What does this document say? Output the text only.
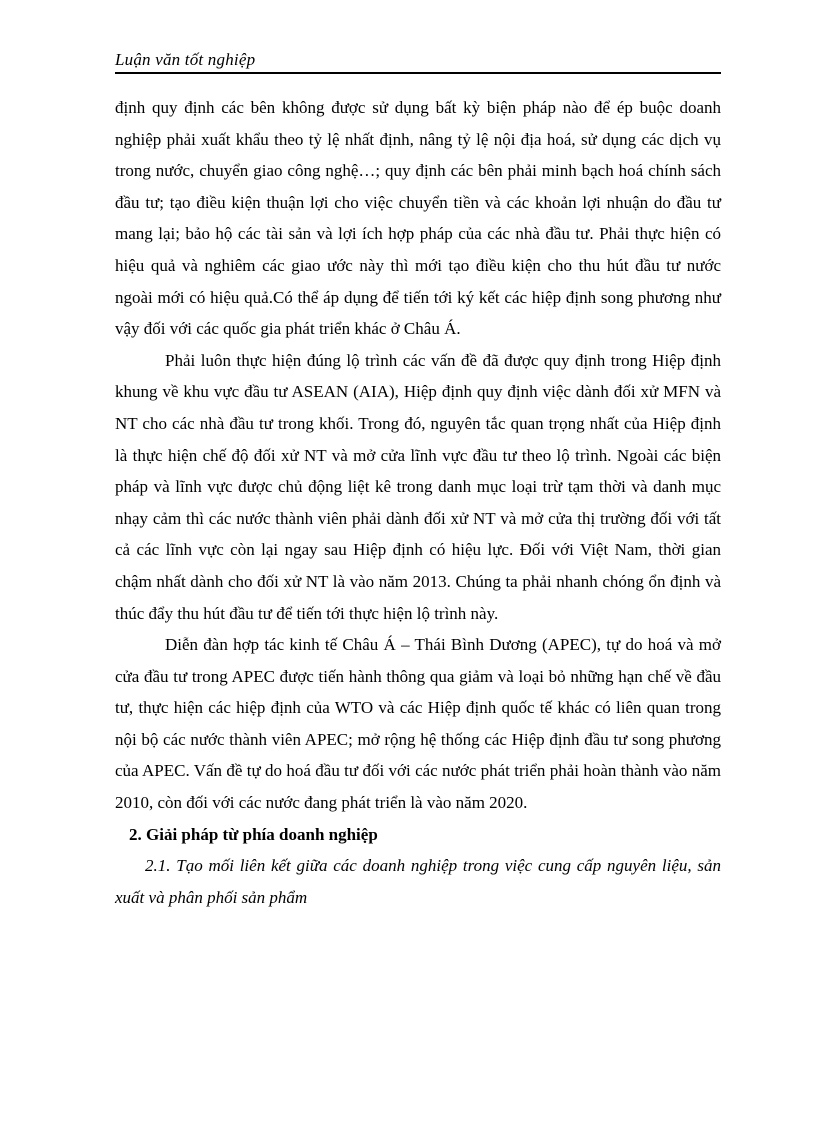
Luận văn tốt nghiệp

định quy định các bên không được sử dụng bất kỳ biện pháp nào để ép buộc doanh nghiệp phải xuất khẩu theo tỷ lệ nhất định, nâng tỷ lệ nội địa hoá, sử dụng các dịch vụ trong nước, chuyển giao công nghệ…; quy định các bên phải minh bạch hoá chính sách đầu tư; tạo điều kiện thuận lợi cho việc chuyển tiền và các khoản lợi nhuận do đầu tư mang lại; bảo hộ các tài sản và lợi ích hợp pháp của các nhà đầu tư. Phải thực hiện có hiệu quả và nghiêm các giao ước này thì mới tạo điều kiện cho thu hút đầu tư nước ngoài mới có hiệu quả.Có thể áp dụng để tiến tới ký kết các hiệp định song phương như vậy đối với các quốc gia phát triển khác ở Châu Á.

Phải luôn thực hiện đúng lộ trình các vấn đề đã được quy định trong Hiệp định khung về khu vực đầu tư ASEAN (AIA), Hiệp định quy định việc dành đối xử MFN và NT cho các nhà đầu tư trong khối. Trong đó, nguyên tắc quan trọng nhất của Hiệp định là thực hiện chế độ đối xử NT và mở cửa lĩnh vực đầu tư theo lộ trình. Ngoài các biện pháp và lĩnh vực được chủ động liệt kê trong danh mục loại trừ tạm thời và danh mục nhạy cảm thì các nước thành viên phải dành đối xử NT và mở cửa thị trường đối với tất cả các lĩnh vực còn lại ngay sau Hiệp định có hiệu lực. Đối với Việt Nam, thời gian chậm nhất dành cho đối xử NT là vào năm 2013. Chúng ta phải nhanh chóng ổn định và thúc đẩy thu hút đầu tư để tiến tới thực hiện lộ trình này.

Diễn đàn hợp tác kinh tế Châu Á – Thái Bình Dương (APEC), tự do hoá và mở cửa đầu tư trong APEC được tiến hành thông qua giảm và loại bỏ những hạn chế về đầu tư, thực hiện các hiệp định của WTO và các Hiệp định quốc tế khác có liên quan trong nội bộ các nước thành viên APEC; mở rộng hệ thống các Hiệp định đầu tư song phương của APEC. Vấn đề tự do hoá đầu tư đối với các nước phát triển phải hoàn thành vào năm 2010, còn đối với các nước đang phát triển là vào năm 2020.

2. Giải pháp từ phía doanh nghiệp

2.1. Tạo mối liên kết giữa các doanh nghiệp trong việc cung cấp nguyên liệu, sản xuất và phân phối sản phẩm
